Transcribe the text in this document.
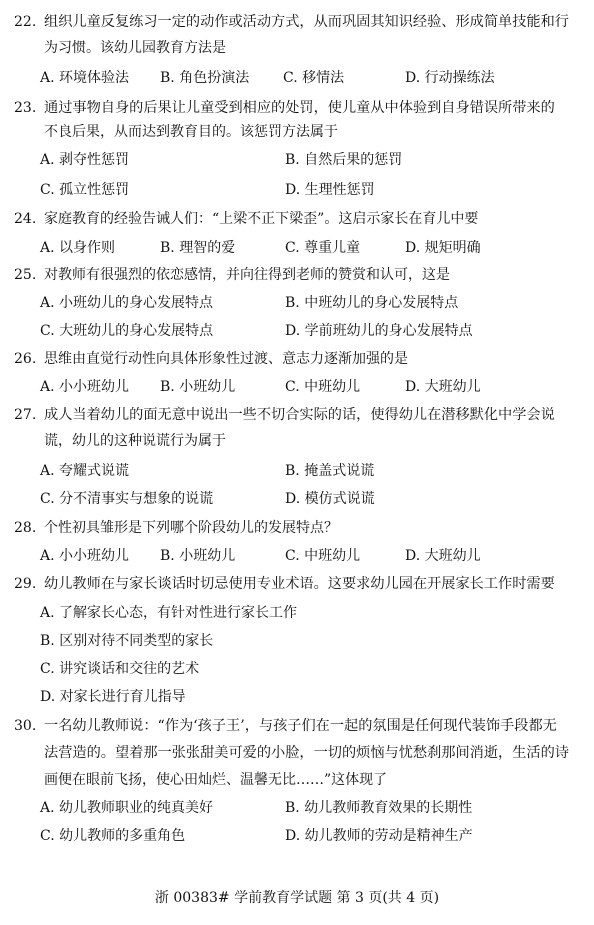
22. 组织儿童反复练习一定的动作或活动方式，从而巩固其知识经验、形成简单技能和行
为习惯。该幼儿园教育方法是
A. 环境体验法 B. 角色扮演法 C. 移情法	D. 行动操练法
23. 通过事物自身的后果让儿童受到相应的处罚，使儿童从中体验到自身错误所带来的
不良后果，从而达到教育目的。该惩罚方法属于
A. 剥夺性惩罚	B. 自然后果的惩罚
C. 孤立性惩罚	D. 生理性惩罚
24. 家庭教育的经验告诫人们：“上梁不正下梁歪”。这启示家长在育儿中要
A. 以身作则	B. 理智的爱	C. 尊重儿童	D. 规矩明确
25. 对教师有很强烈的依恋感情，并向往得到老师的赞赏和认可，这是
A. 小班幼儿的身心发展特点	B. 中班幼儿的身心发展特点
C. 大班幼儿的身心发展特点	D. 学前班幼儿的身心发展特点
26. 思维由直觉行动性向具体形象性过渡、意志力逐渐加强的是
A. 小小班幼儿 B. 小班幼儿	C. 中班幼儿	D. 大班幼儿
27. 成人当着幼儿的面无意中说出一些不切合实际的话，使得幼儿在潜移默化中学会说
谎，幼儿的这种说谎行为属于
A. 夸耀式说谎	B. 掩盖式说谎
C. 分不清事实与想象的说谎	D. 模仿式说谎
28. 个性初具雏形是下列哪个阶段幼儿的发展特点？
A. 小小班幼儿 B. 小班幼儿	C. 中班幼儿	D. 大班幼儿
29. 幼儿教师在与家长谈话时切忌使用专业术语。这要求幼儿园在开展家长工作时需要
A. 了解家长心态，有针对性进行家长工作
B. 区别对待不同类型的家长
C. 讲究谈话和交往的艺术
D. 对家长进行育儿指导
30. 一名幼儿教师说：“作为‘孩子王’，与孩子们在一起的氛围是任何现代装饰手段都无
法营造的。望着那一张张甜美可爱的小脸，一切的烦恼与忧愁刹那间消逝，生活的诗
画便在眼前飞扬，使心田灿烂、温馨无比……”这体现了
A. 幼儿教师职业的纯真美好	B. 幼儿教师教育效果的长期性
C. 幼儿教师的多重角色	D. 幼儿教师的劳动是精神生产
浙 00383# 学前教育学试题 第 3 页(共 4 页)
